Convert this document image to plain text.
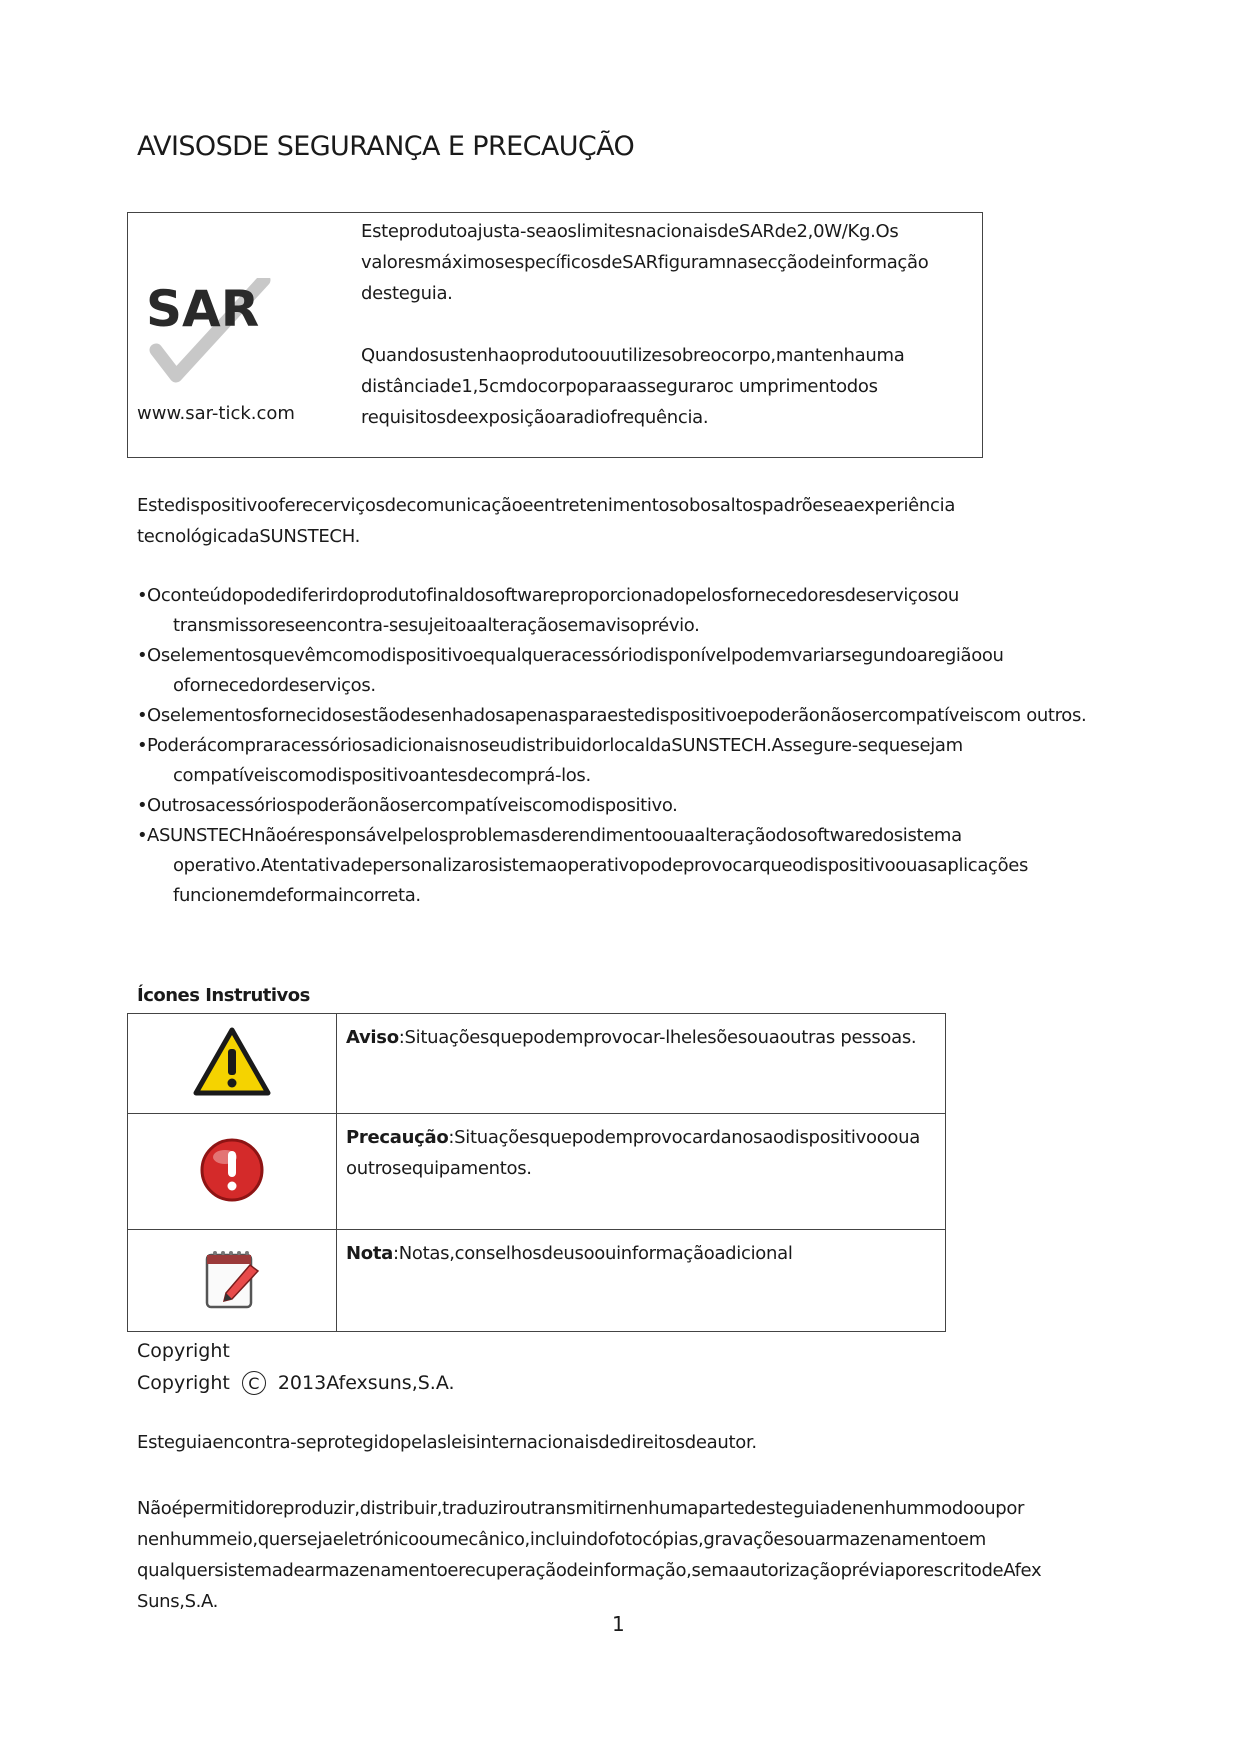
AVISOSDE SEGURANÇA E PRECAUÇÃO
SAR
www.sar-tick.com

Esteprodutoajusta-seaoslimitesnacionaisdeSARde2,0W/Kg.Os valoresmáximosespecíficosdeSARfiguramnasecçãodeinformação desteguia.

Quandosustenhaoprodutoouutilizesobreocorpo,mantenhauma distânciade1,5cmdocorpoparaasseguraroc umprimentodos requisitosdeexposiçãoaradiofrequência.

Estedispositivooferecerviçosdecomunicaçãoeentretenimentosobosaltospadrõeseaexperiência tecnológicadaSUNSTECH.
•Oconteúdopodediferirdoprodutofinaldosoftwareproporcionadopelosfornecedoresdeserviçosou transmissoreseencontra-sesujeitoaalteraçãosemavisoprévio.
•Oselementosquevêmcomodispositivoequalqueracessóriodisponívelpodemvariarsegundoaregiãoou ofornecedordeserviços.
•Oselementosfornecidosestãodesenhadosapenasparaestedispositivoepoderãonãosercompatíveiscom outros.
•PoderácompraracessóriosadicionaisnoseudistribuidorlocaldaSUNSTECH.Assegure-sequesejam compatíveiscomodispositivoantesdecomprá-los.
•Outrosacessóriospoderãonãosercompatíveiscomodispositivo.
•ASUNSTECHnãoéresponsávelpelosproblemasderendimentoouaalteraçãodosoftwaredosistema operativo.Atentativadepersonalizarosistemaoperativopodeprovocarqueodispositivoouasaplicações funcionemdeformaincorreta.
Ícones Instrutivos
	Aviso:Situaçõesquepodemprovocar-lhelesõesouaoutras pessoas.
	Precaução:Situaçõesquepodemprovocardanosaodispositivoooua outrosequipamentos.
	Nota:Notas,conselhosdeusoouinformaçãoadicional
Copyright
Copyright	C 2013Afexsuns,S.A.
Esteguiaencontra-seprotegidopelasleisinternacionaisdedireitosdeautor.
Nãoépermitidoreproduzir,distribuir,traduziroutransmitirnenhumapartedesteguiadenenhummodooupor nenhummeio,quersejaeletrónicooumecânico,incluindofotocópias,gravaçõesouarmazenamentoem qualquersistemadearmazenamentoerecuperaçãodeinformação,semaautorizaçãopréviaporescritodeAfex Suns,S.A.
1
